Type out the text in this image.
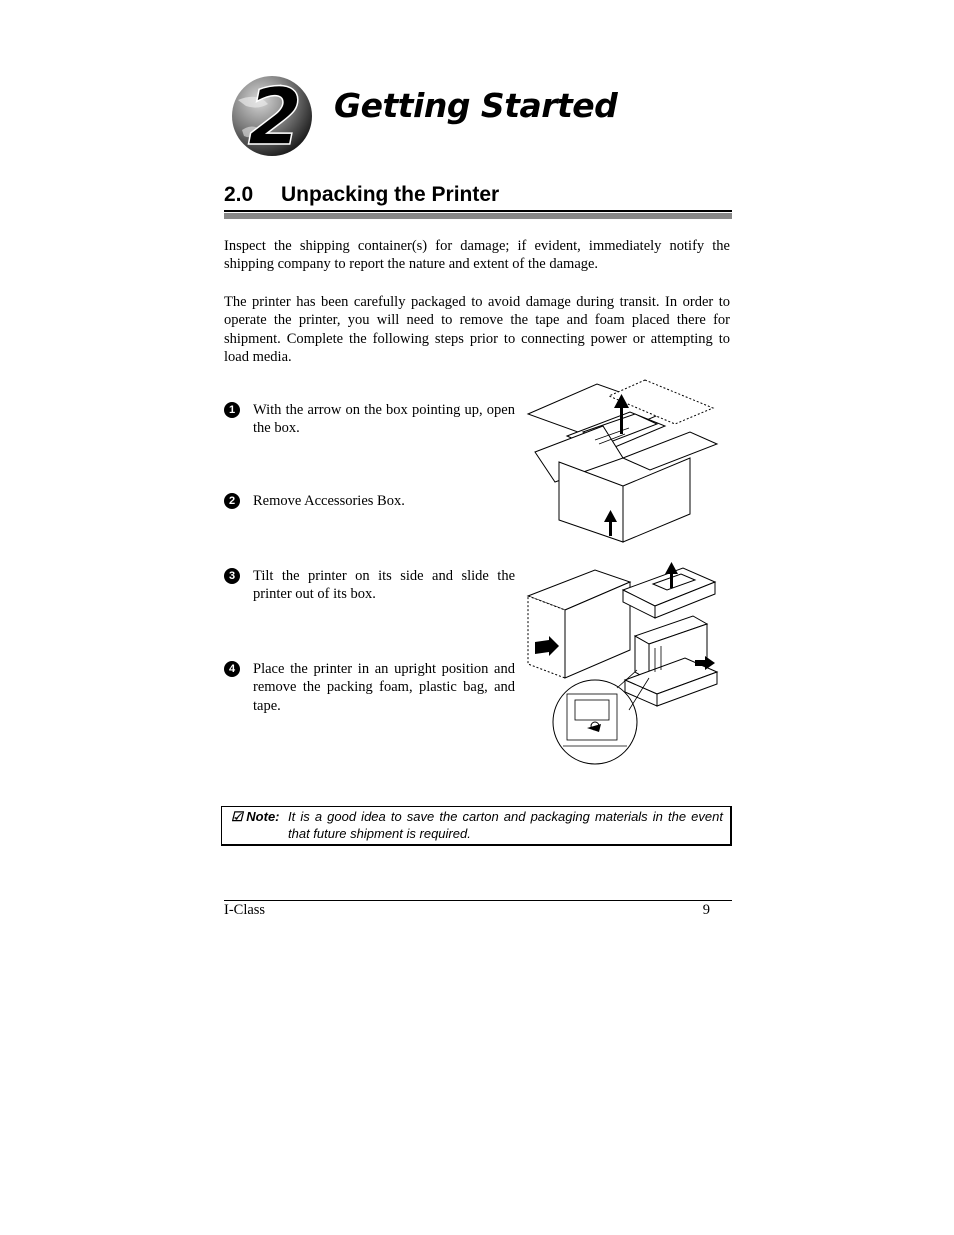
2 Getting Started
2.0 Unpacking the Printer
Inspect the shipping container(s) for damage; if evident, immediately notify the shipping company to report the nature and extent of the damage.
The printer has been carefully packaged to avoid damage during transit. In order to operate the printer, you will need to remove the tape and foam placed there for shipment. Complete the following steps prior to connecting power or attempting to load media.
1	With the arrow on the box pointing up, open the box.
2	Remove Accessories Box.
3	Tilt the printer on its side and slide the printer out of its box.
4	Place the printer in an upright position and remove the packing foam, plastic bag, and tape.
☑ Note: It is a good idea to save the carton and packaging materials in the event that future shipment is required.
I-Class	9
